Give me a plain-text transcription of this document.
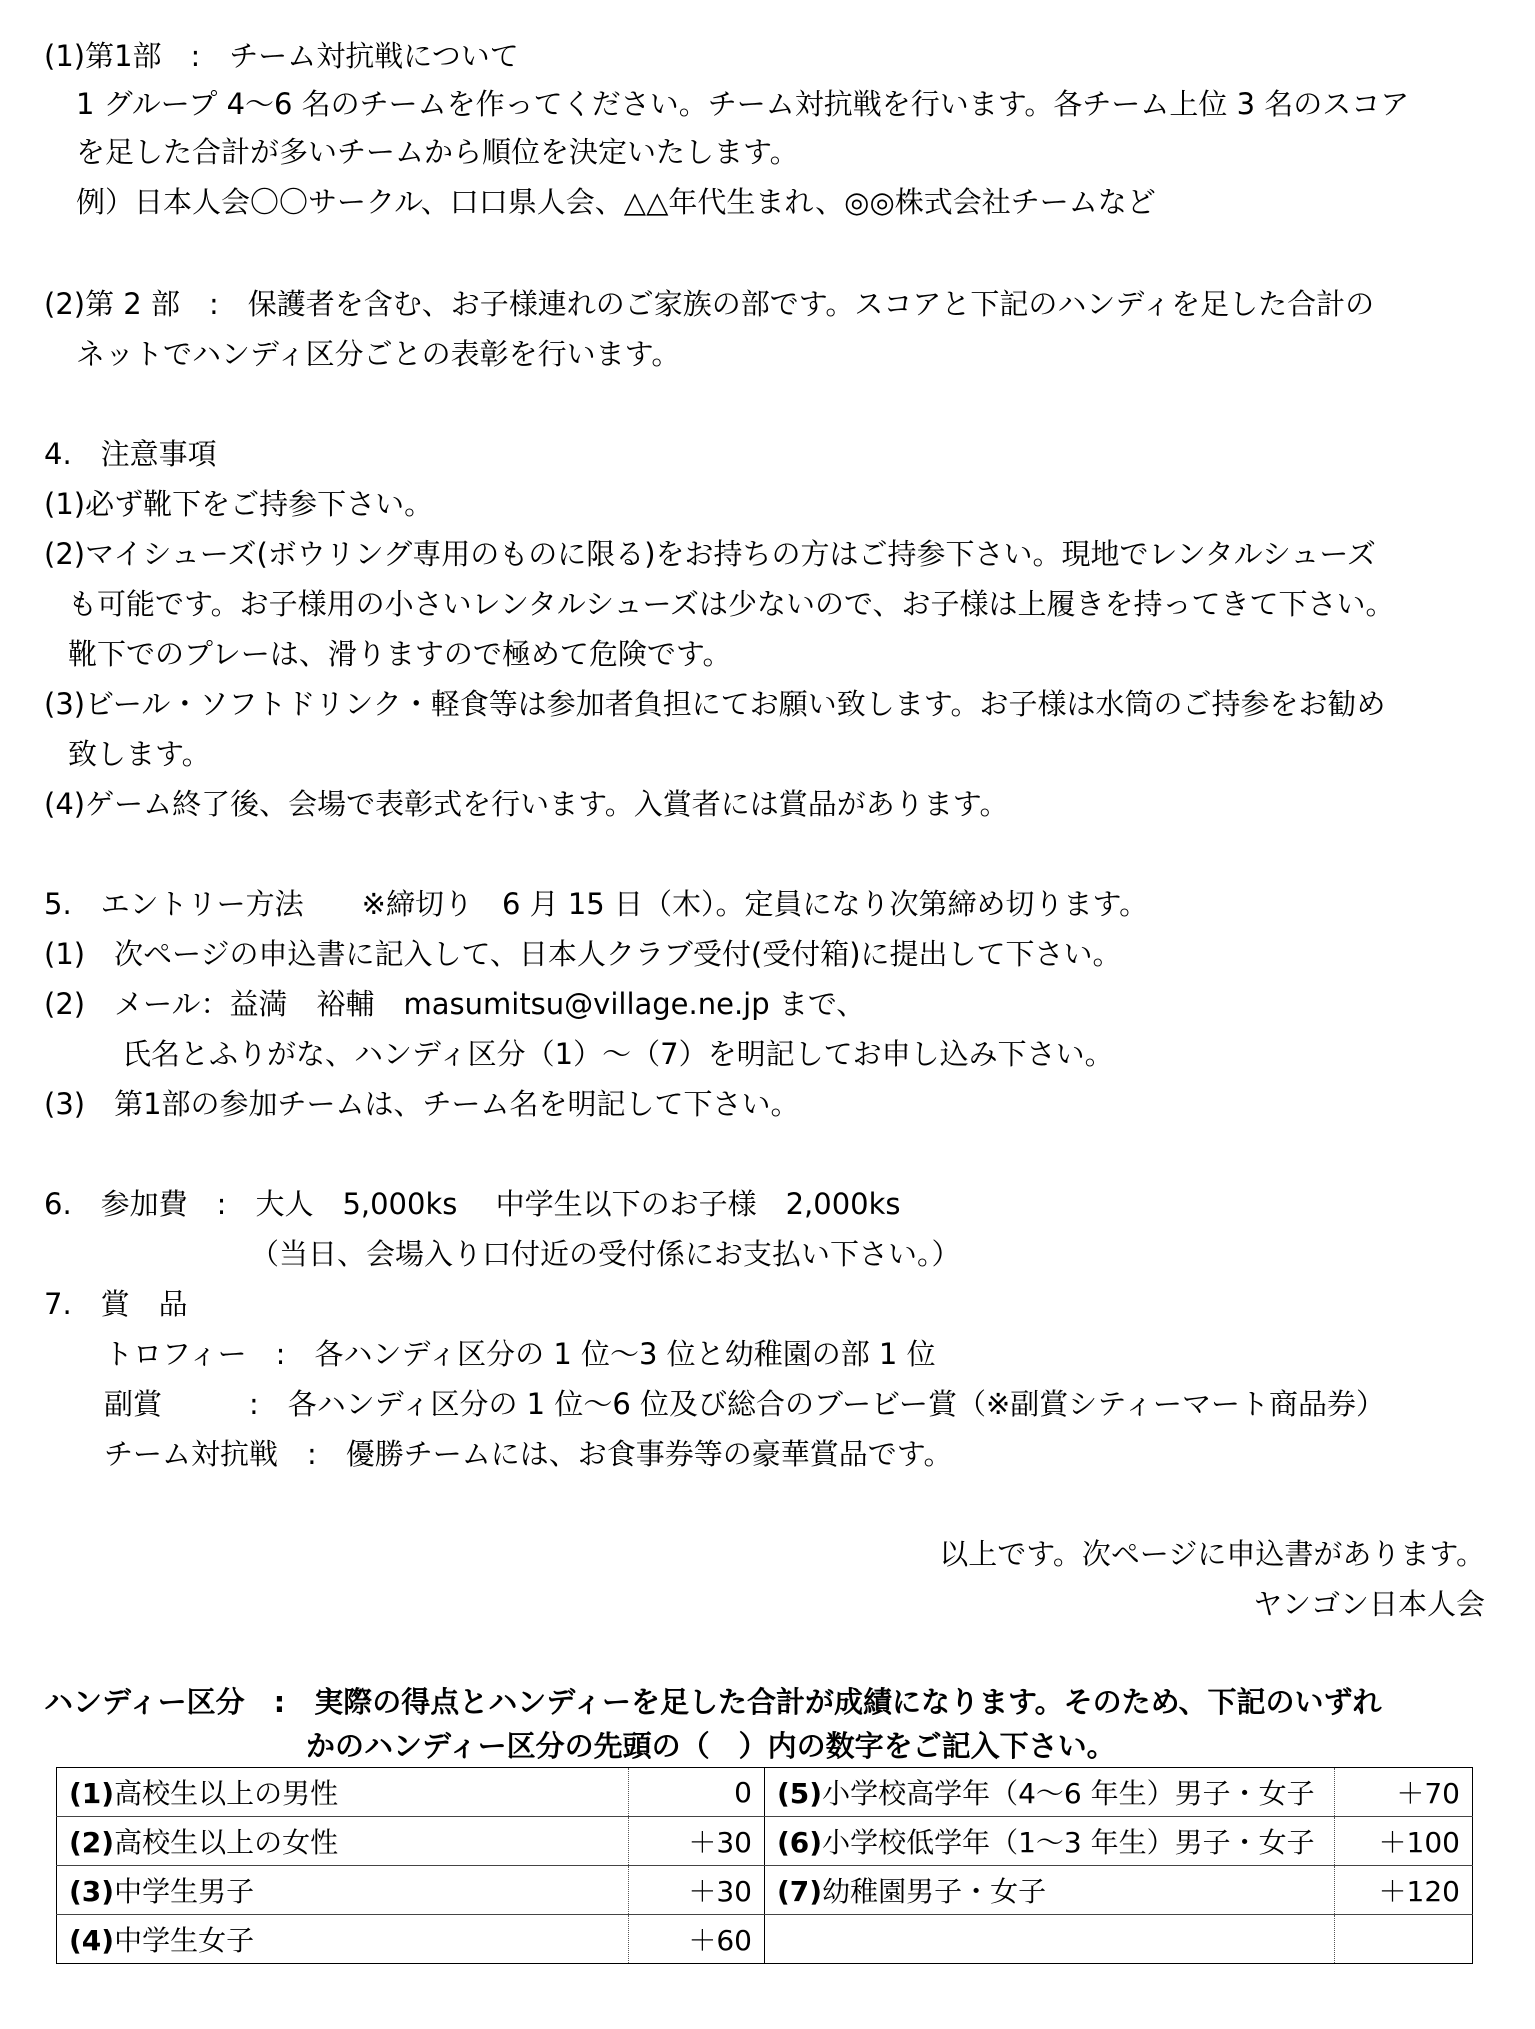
(1)第1部　:　チーム対抗戦について
1 グループ 4～6 名のチームを作ってください。チーム対抗戦を行います。各チーム上位 3 名のスコア
を足した合計が多いチームから順位を決定いたします。
例）日本人会〇〇サークル、口口県人会、△△年代生まれ、◎◎株式会社チームなど
(2)第 2 部　:　保護者を含む、お子様連れのご家族の部です。スコアと下記のハンディを足した合計の
ネットでハンディ区分ごとの表彰を行います。
4.　注意事項
(1)必ず靴下をご持参下さい。
(2)マイシューズ(ボウリング専用のものに限る)をお持ちの方はご持参下さい。現地でレンタルシューズ
も可能です。お子様用の小さいレンタルシューズは少ないので、お子様は上履きを持ってきて下さい。
靴下でのプレーは、滑りますので極めて危険です。
(3)ビール・ソフトドリンク・軽食等は参加者負担にてお願い致します。お子様は水筒のご持参をお勧め
致します。
(4)ゲーム終了後、会場で表彰式を行います。入賞者には賞品があります。
5.　エントリー方法　　※締切り　6 月 15 日（木）。定員になり次第締め切ります。
(1)　次ページの申込書に記入して、日本人クラブ受付(受付箱)に提出して下さい。
(2)　メール：益満　裕輔　masumitsu@village.ne.jp まで、
氏名とふりがな、ハンディ区分（1）～（7）を明記してお申し込み下さい。
(3)　第1部の参加チームは、チーム名を明記して下さい。
6.　参加費　:　大人　5,000ks　 中学生以下のお子様　2,000ks
（当日、会場入り口付近の受付係にお支払い下さい。）
7.　賞　品
トロフィー　:　各ハンディ区分の 1 位～3 位と幼稚園の部 1 位
副賞　　　:　各ハンディ区分の 1 位～6 位及び総合のブービー賞（※副賞シティーマート商品券）
チーム対抗戦　:　優勝チームには、お食事券等の豪華賞品です。
以上です。次ページに申込書があります。
ヤンゴン日本人会
ハンディー区分　:　実際の得点とハンディーを足した合計が成績になります。そのため、下記のいずれ
かのハンディー区分の先頭の（　）内の数字をご記入下さい。
(1)高校生以上の男性	0	(5)小学校高学年（4～6 年生）男子・女子	＋70
(2)高校生以上の女性	＋30	(6)小学校低学年（1～3 年生）男子・女子	＋100
(3)中学生男子	＋30	(7)幼稚園男子・女子	＋120
(4)中学生女子	＋60		
